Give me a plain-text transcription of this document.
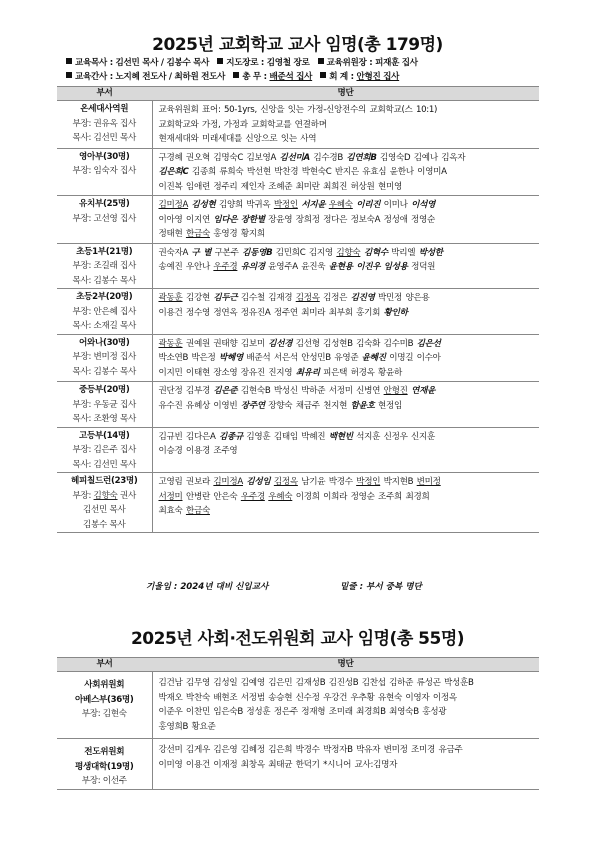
2025년 교회학교 교사 임명(총 179명)
교육목사 : 김선민 목사 / 김봉수 목사 지도장로 : 김영철 장로 교육위원장 : 피재훈 집사
교육간사 : 노지혜 전도사 / 최하원 전도사 총 무 : 배준석 집사 회 계 : 안형진 집사
부서	명단

온세대사역원
부장: 권유옥 집사
목사: 김선민 목사	교육위원회 표어: 50-1yrs, 신앙을 잇는 가정-신앙전수의 교회학교(스 10:1)
교회학교와 가정, 가정과 교회학교를 연결하며
현재세대와 미래세대를 신앙으로 잇는 사역

영아부(30명)
부장: 임숙자 집사	구경혜 권오혁 김명숙C 김보영A 김선미A 김수경B 김연희B 김영숙D 김예나 김옥자
김은희C 김종희 류희숙 박선현 박찬경 박현숙C 반지은 유효심 윤한나 이영미A
이진복 임애련 정주리 제인자 조혜준 최미란 최희진 허상원 현미영

유치부(25명)
부장: 고선영 집사	김미정A 김성현 김양희 박귀옥 박정인 서지윤 우혜숙 이리진 이미나 이석영
이아영 이지연 임다은 장한별 장윤영 장희정 정다은 정보숙A 정성애 정영순
정태현 한금숙 홍영경 황지희

초등1부(21명)
부장: 조길래 집사
목사: 김봉수 목사	권숙자A 구 별 구본주 김동영B 김민희C 김지영 김향숙 김혁수 박리엘 박성한
송예진 우안나 우주경 유의경 윤영주A 윤진욱 윤현용 이진우 임성용 정덕원

초등2부(20명)
부장: 안은혜 집사
목사: 소재길 목사	곽동훈 김강현 김두근 김수철 김재경 김정옥 김정은 김진영 박민정 양은용
이용건 정수영 정연옥 정유진A 정주연 최미라 최부회 홍기회 황인하

어와나(30명)
부장: 변미정 집사
목사: 김봉수 목사	곽동훈 권예원 권태향 김보미 김선경 김선형 김성현B 김숙화 김수미B 김은선
박소연B 박은정 박혜영 배준석 서은석 안성민B 유영준 윤혜진 이명길 이수아
이지민 이태현 장소영 장유진 진지영 최유리 피은택 허경옥 황윤하

중등부(20명)
부장: 우동균 집사
목사: 조환영 목사	권단정 김부경 김은준 김현숙B 박성신 박하준 서정미 신병연 안형진 연재윤
유수진 유혜상 이영빈 장주연 장향숙 채금주 천지현 함윤호 현정임

고등부(14명)
부장: 김은주 집사
목사: 김선민 목사	김규빈 김다은A 김종규 김영훈 김태임 박혜진 백현빈 석지훈 신정우 신지훈
이승경 이용경 조주영

헤피칠드런(23명)
부장: 김향숙 권사
김선민 목사
김봉수 목사	고영림 권보라 김미정A 김성임 김정옥 남기윤 박경수 박정인 박지현B 변미정
서정미 안병란 안은숙 우주경 우혜숙 이경희 이희라 정영순 조주희 최경희
최효숙 한금숙
기울임 : 2024년 대비 신입교사	밑줄 : 부서 중복 명단
2025년 사회·전도위원회 교사 임명(총 55명)
부서	명단

사회위원회
아베스부(36명)
부장: 김현숙	김건남 김무영 김성일 김예영 김은민 김재성B 김진성B 김찬섭 김하준 류성곤 박성훈B
박재오 박찬숙 배현조 서정범 송승현 신수정 우강건 우추황 유현숙 이영자 이정옥
이준우 이찬민 임은숙B 정성훈 정은주 정재형 조미래 최경희B 최영숙B 홍성광
홍영희B 황요준

전도위원회
평생대학(19명)
부장: 이선주	강선미 김게우 김은영 김혜정 김은희 박경수 박정자B 박유자 변미정 조미경 유금주
이미영 이용건 이재정 최창옥 최태균 한덕기 *시니어 교사:김명자
